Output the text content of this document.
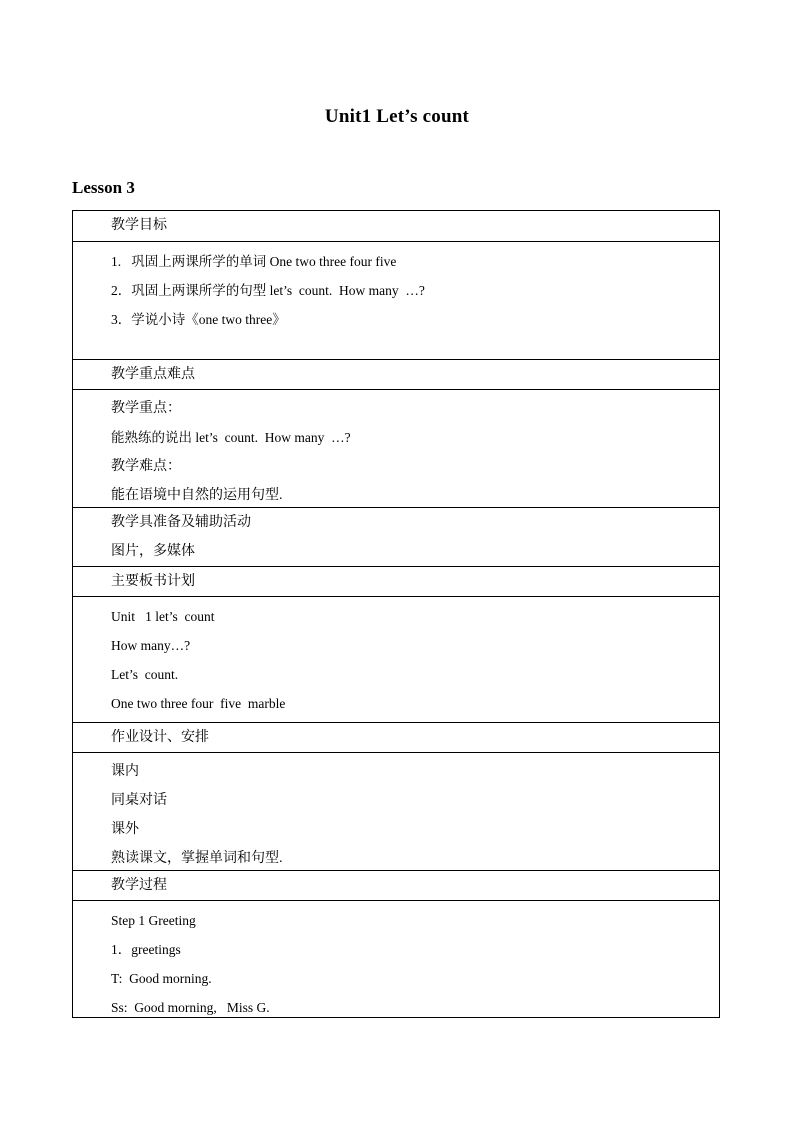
Unit1 Let’s count
Lesson 3
教学目标
1.   巩固上两课所学的单词 One two three four five
2．巩固上两课所学的句型 let’s  count.  How many  …?
3．学说小诗《one two three》
教学重点难点
教学重点：
能熟练的说出 let’s  count.  How many  …?
教学难点：
能在语境中自然的运用句型.
教学具准备及辅助活动
图片，多媒体
主要板书计划
Unit   1 let’s  count
How many…?
Let’s  count.
One two three four  five  marble
作业设计、安排
课内
同桌对话
课外
熟读课文，掌握单词和句型.
教学过程
Step 1 Greeting
1．greetings
T:  Good morning.
Ss:  Good morning,   Miss G.
